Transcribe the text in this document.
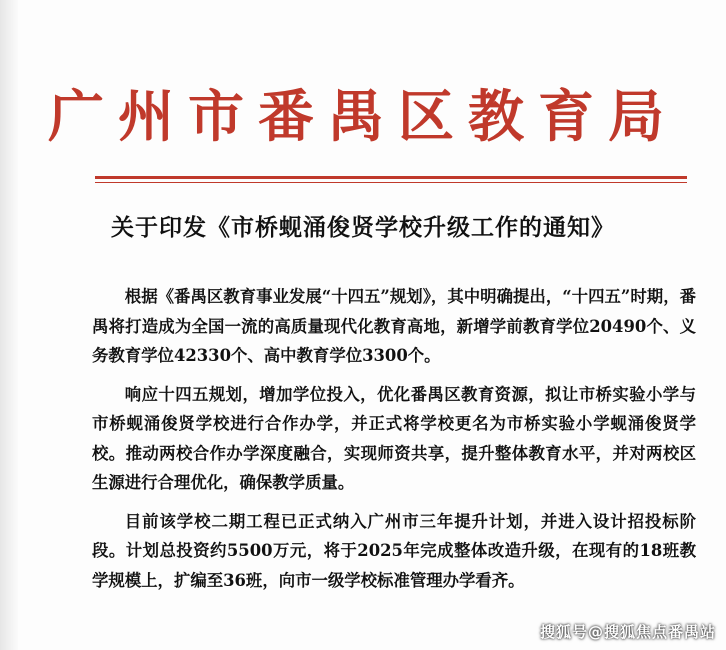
广州市番禺区教育局
关于印发《市桥蚬涌俊贤学校升级工作的通知》

根据《番禺区教育事业发展“十四五”规划》，其中明确提出，“十四五”时期，番禺将打造成为全国一流的高质量现代化教育高地，新增学前教育学位20490个、义务教育学位42330个、高中教育学位3300个。

响应十四五规划，增加学位投入，优化番禺区教育资源，拟让市桥实验小学与市桥蚬涌俊贤学校进行合作办学，并正式将学校更名为市桥实验小学蚬涌俊贤学校。推动两校合作办学深度融合，实现师资共享，提升整体教育水平，并对两校区生源进行合理优化，确保教学质量。

目前该学校二期工程已正式纳入广州市三年提升计划，并进入设计招投标阶段。计划总投资约5500万元，将于2025年完成整体改造升级，在现有的18班教学规模上，扩编至36班，向市一级学校标准管理办学看齐。

搜狐号@搜狐焦点番禺站
